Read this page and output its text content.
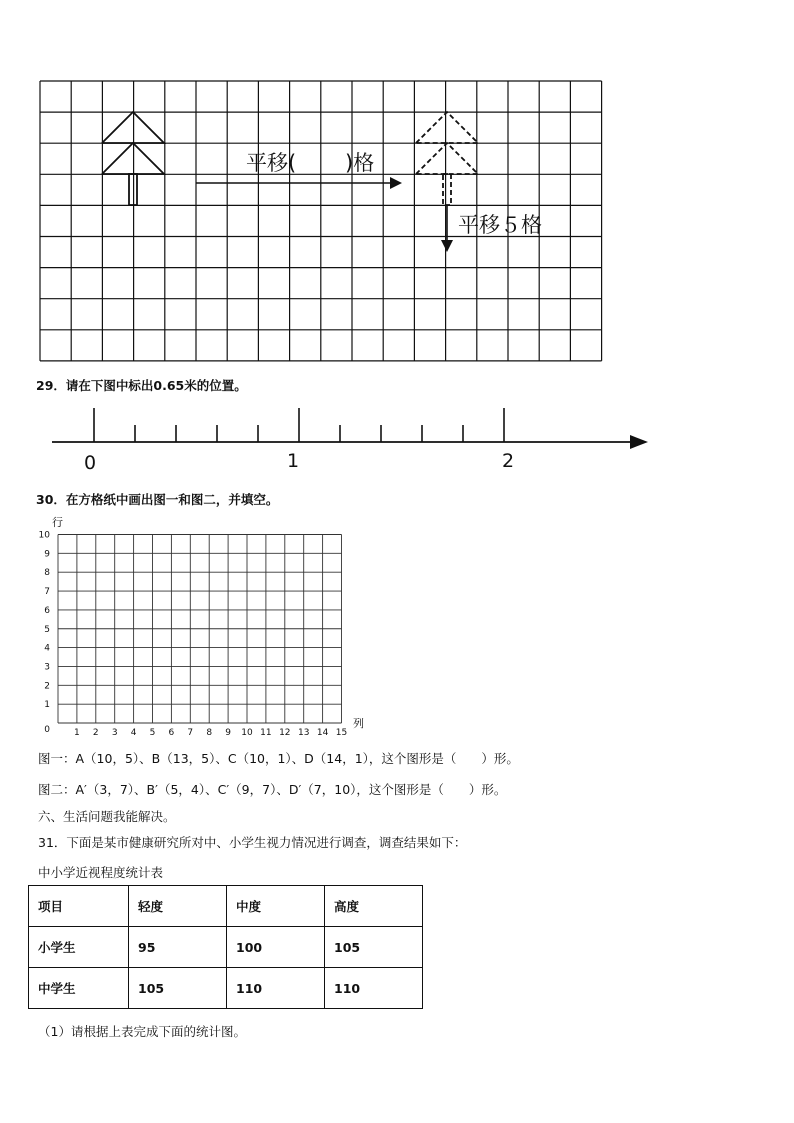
平移( )格
平移５格
29．请在下图中标出0.65米的位置。
0	1	2
30．在方格纸中画出图一和图二，并填空。
行
列
1 2 3 4 5 6 7 8 9 10 11 12 13 14 15
0
1
2
3
4
5
6
7
8
9
10
图一：A（10，5）、B（13，5）、C（10，1）、D（14，1），这个图形是（　　）形。
图二：A′（3，7）、B′（5，4）、C′（9，7）、D′（7，10），这个图形是（　　）形。
六、生活问题我能解决。
31．下面是某市健康研究所对中、小学生视力情况进行调查，调查结果如下：
中小学近视程度统计表
项目	轻度	中度	高度
小学生	95	100	105
中学生	105	110	110
（1）请根据上表完成下面的统计图。
